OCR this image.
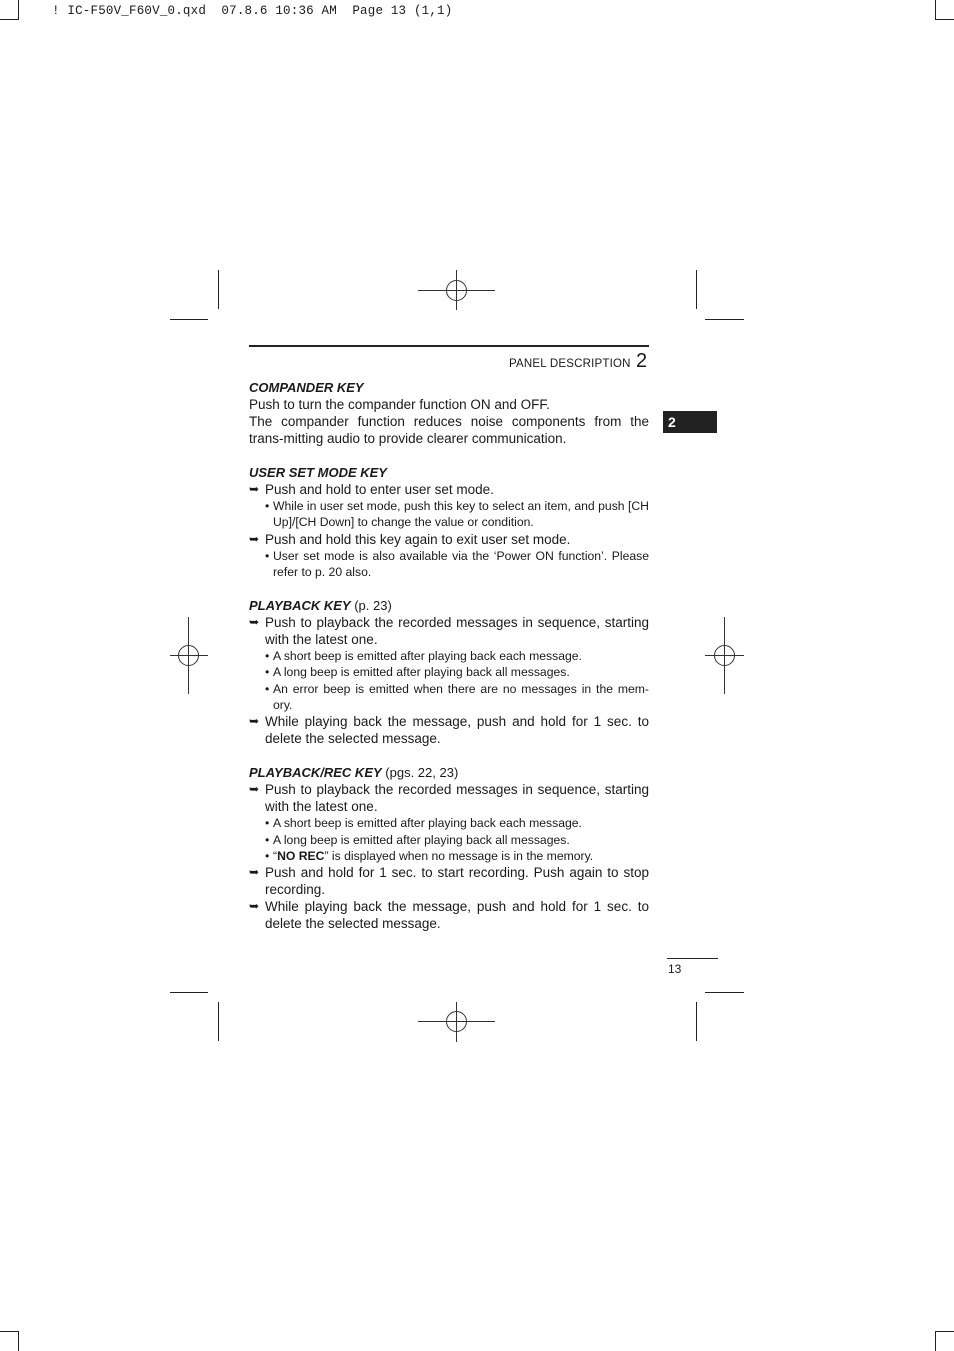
! IC-F50V_F60V_0.qxd  07.8.6 10:36 AM  Page 13 (1,1)
PANEL DESCRIPTION 2
2
COMPANDER KEY

Push to turn the compander function ON and OFF.

The compander function reduces noise components from the trans-mitting audio to provide clearer communication.

USER SET MODE KEY
➥ Push and hold to enter user set mode.
• While in user set mode, push this key to select an item, and push [CH Up]/[CH Down] to change the value or condition.
➥ Push and hold this key again to exit user set mode.
• User set mode is also available via the ‘Power ON function’. Please refer to p. 20 also.
PLAYBACK KEY (p. 23)
➥ Push to playback the recorded messages in sequence, starting with the latest one.
• A short beep is emitted after playing back each message.
• A long beep is emitted after playing back all messages.
• An error beep is emitted when there are no messages in the mem-ory.
➥ While playing back the message, push and hold for 1 sec. to delete the selected message.
PLAYBACK/REC KEY (pgs. 22, 23)
➥ Push to playback the recorded messages in sequence, starting with the latest one.
• A short beep is emitted after playing back each message.
• A long beep is emitted after playing back all messages.
• “NO REC” is displayed when no message is in the memory.
➥ Push and hold for 1 sec. to start recording. Push again to stop recording.
➥ While playing back the message, push and hold for 1 sec. to delete the selected message.
13
